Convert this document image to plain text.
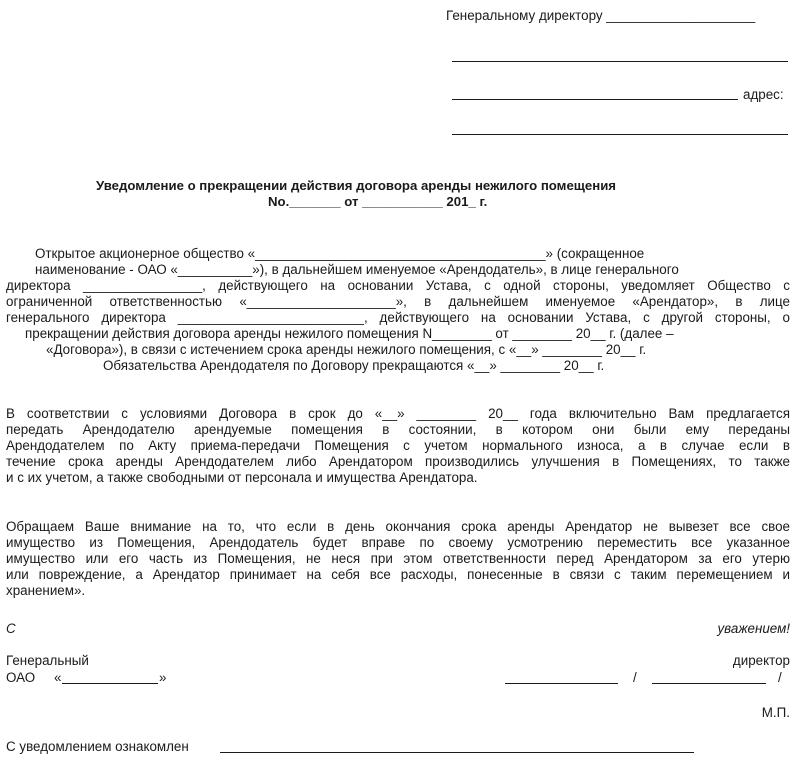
Генеральному директору ____________________
адрес:
Уведомление о прекращении действия договора аренды нежилого помещения
No._______ от ___________ 201_ г.
Открытое акционерное общество «_______________________________________» (сокращенное
наименование - ОАО «__________»), в дальнейшем именуемое «Арендодатель», в лице генерального
директора ________________, действующего на основании Устава, с одной стороны, уведомляет Общество с
ограниченной ответственностью «____________________», в дальнейшем именуемое «Арендатор», в лице
генерального директора _________________________, действующего на основании Устава, с другой стороны, о
прекращении действия договора аренды нежилого помещения N________ от ________ 20__ г. (далее –
«Договора»), в связи с истечением срока аренды нежилого помещения, с «__» ________ 20__ г.
Обязательства Арендодателя по Договору прекращаются «__» ________ 20__ г.
В соответствии с условиями Договора в срок до «__» ________ 20__ года включительно Вам предлагается
передать Арендодателю арендуемые помещения в состоянии, в котором они были ему переданы
Арендодателем по Акту приема-передачи Помещения с учетом нормального износа, а в случае если в
течение срока аренды Арендодателем либо Арендатором производились улучшения в Помещениях, то также
и с их учетом, а также свободными от персонала и имущества Арендатора.
Обращаем Ваше внимание на то, что если в день окончания срока аренды Арендатор не вывезет все свое
имущество из Помещения, Арендодатель будет вправе по своему усмотрению переместить все указанное
имущество или его часть из Помещения, не неся при этом ответственности перед Арендатором за его утерю
или повреждение, а Арендатор принимает на себя все расходы, понесенные в связи с таким перемещением и
хранением».
С	уважением!
Генеральный	директор
ОАО «	»	/	/
М.П.
С уведомлением ознакомлен
